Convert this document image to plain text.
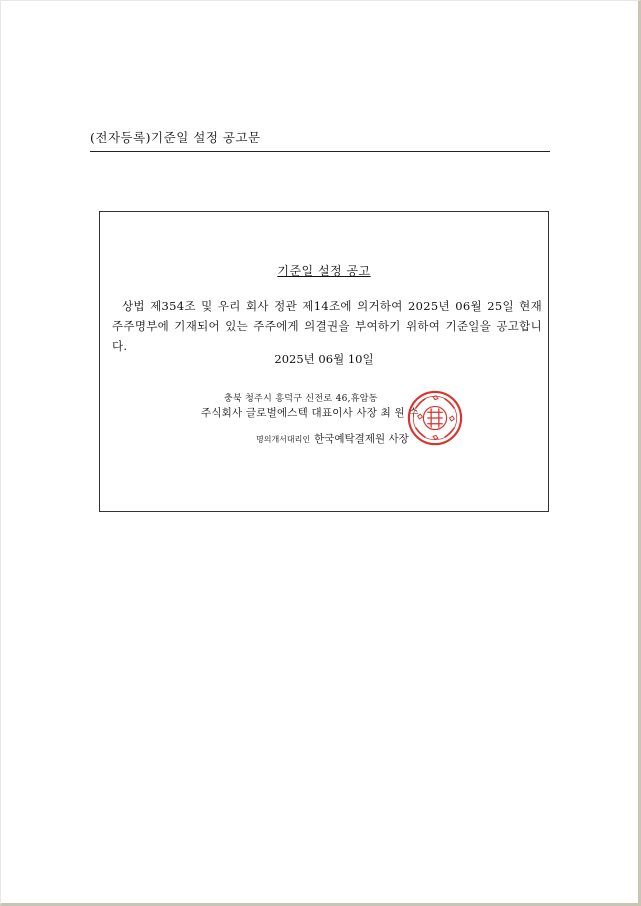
(전자등록)기준일 설정 공고문
기준일 설정 공고
상법 제354조 및 우리 회사 정관 제14조에 의거하여 2025년 06월 25일 현재 주주명부에 기재되어 있는 주주에게 의결권을 부여하기 위하여 기준일을 공고합니다.
2025년 06월 10일
충북 청주시 흥덕구 신전로 46,휴암동
주식회사 글로벌에스텍 대표이사 사장 최 원 수
명의개서대리인 한국예탁결제원 사장
